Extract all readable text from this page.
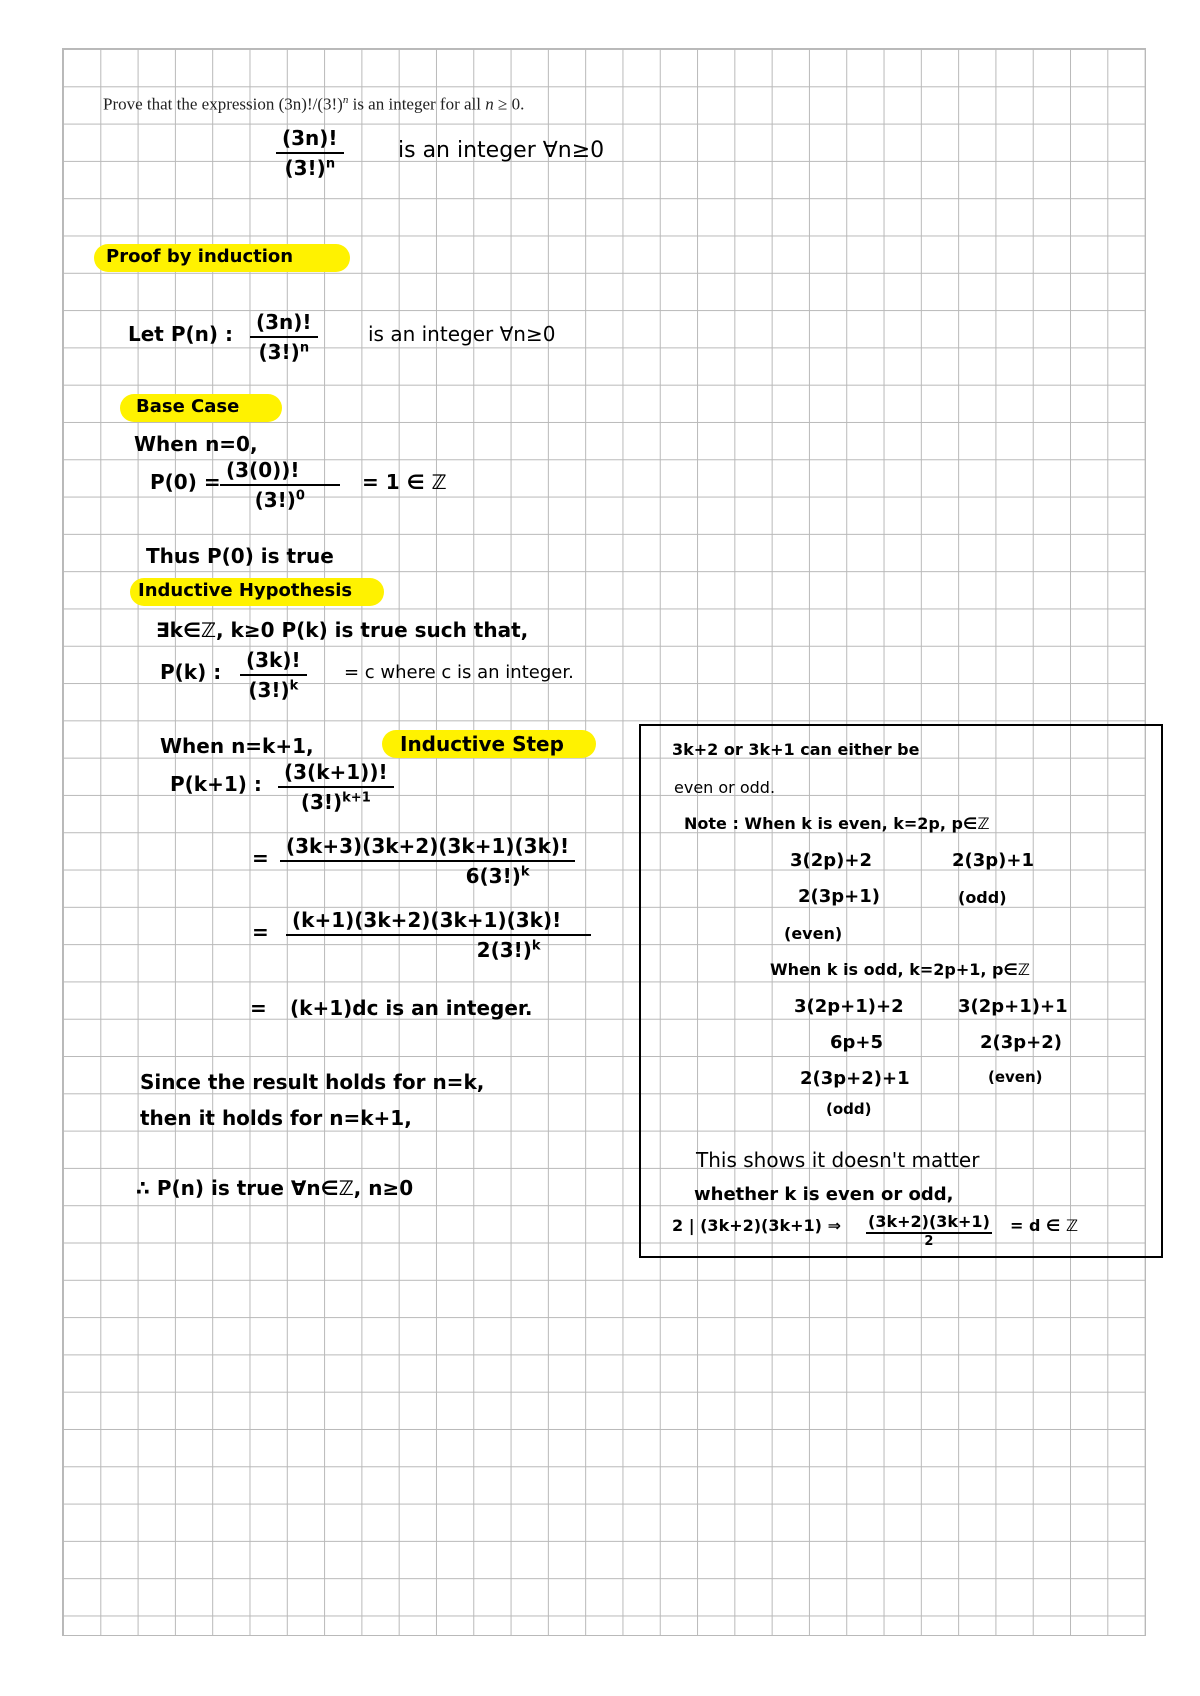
Prove that the expression $(3n)!/(3!)^n$ is an integer for all n ≥ 0.
$\frac{(3n)!}{(3!)^n}$ is an integer ∀n≥0
Proof by induction
Let P(n) : $\frac{(3n)!}{(3!)^n}$	is an integer ∀n≥0
Base Case
When n=0,
$P(0) = \frac{(3(0))!}{(3!)^0} = 1$ ∈ ℤ
Thus P(0) is true
Inductive Hypothesis
∃k∈ℤ, k≥0 P(k) is true such that,
P(k) : $\frac{(3k)!}{(3!)^k} = c$ where c is an integer.
When n=k+1,	Inductive Step
P(k+1) : $\frac{(3(k+1))!}{(3!)^{k+1}}$
= $\frac{(3k+3)(3k+2)(3k+1)(3k)!}{6(3!)^k}$
= $\frac{(k+1)(3k+2)(3k+1)(3k)!}{2(3!)^k}$
= (k+1)dc is an integer.
Since the result holds for n=k,
then it holds for n=k+1,
∴ P(n) is true ∀n∈ℤ, n≥0
3k+2 or 3k+1 can either be
even or odd.
Note : When k is even, k=2p, p∈ℤ
3(2p)+2	2(3p)+1
2(3p+1)	(odd)
(even)
When k is odd, k=2p+1, p∈ℤ
3(2p+1)+2	3(2p+1)+1
6p+5	2(3p+2)
2(3p+2)+1	(even)
(odd)
This shows it doesn't matter
whether k is even or odd,
2 | (3k+2)(3k+1) ⇒ (3k+2)(3k+1)
2
= d ∈ ℤ
